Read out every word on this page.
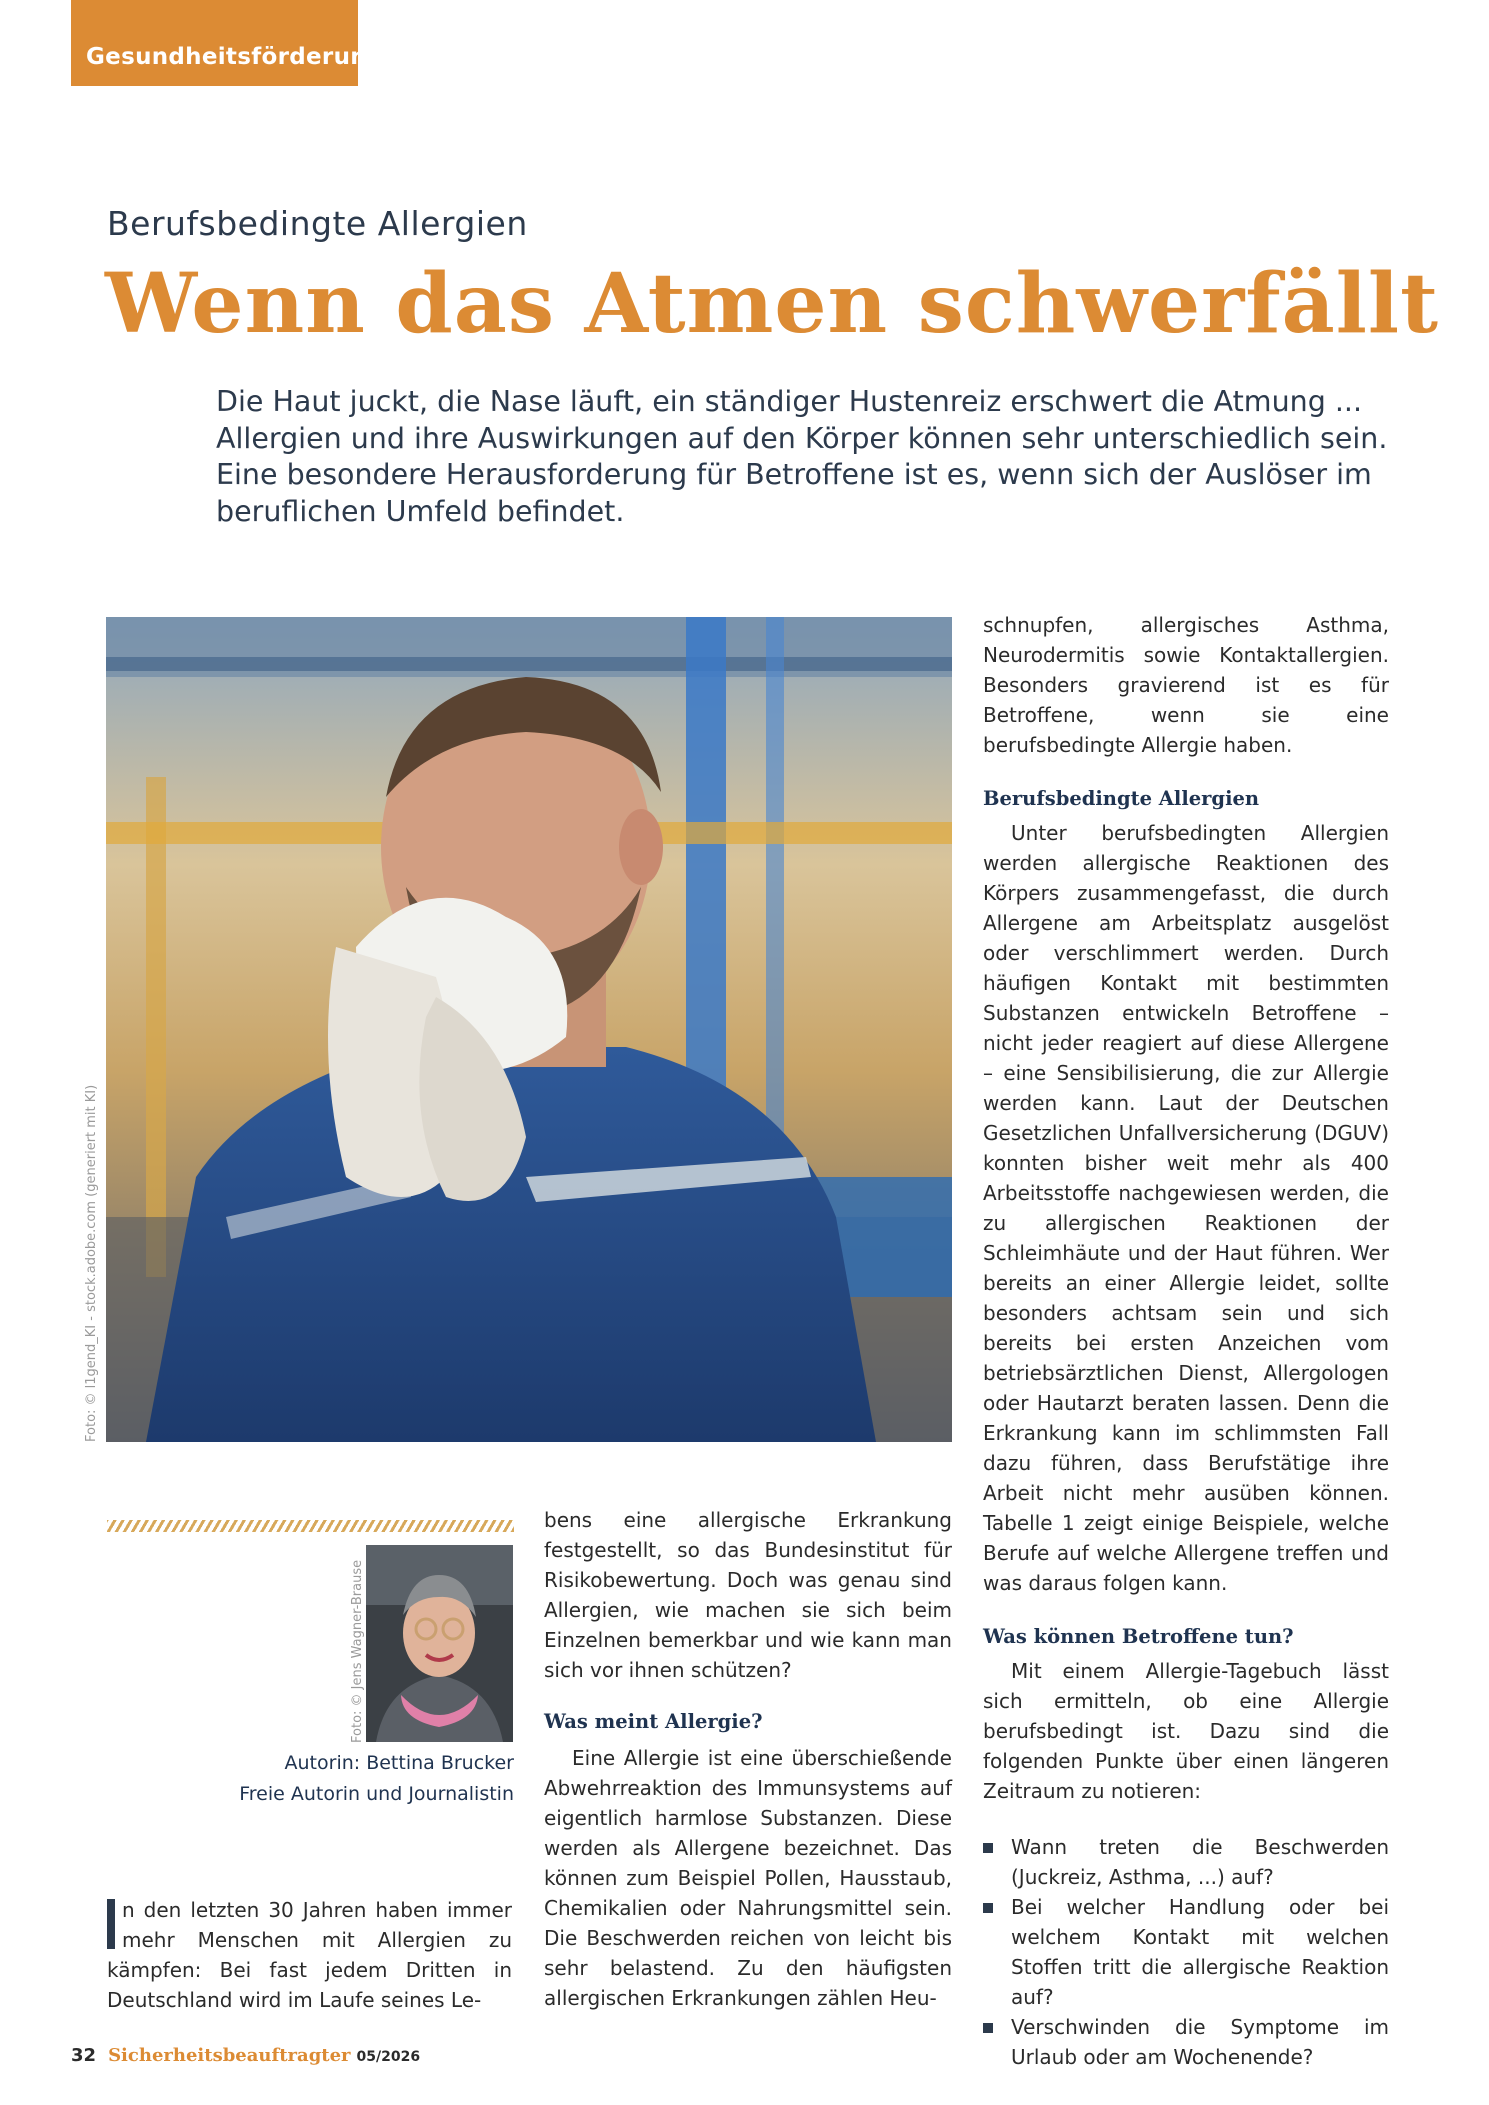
Gesundheitsförderung
Berufsbedingte Allergien
Wenn das Atmen schwerfällt

Die Haut juckt, die Nase läuft, ein ständiger Hustenreiz erschwert die Atmung ...

Allergien und ihre Auswirkungen auf den Körper können sehr unterschiedlich sein.

Eine besondere Herausforderung für Betroffene ist es, wenn sich der Auslöser im

beruflichen Umfeld befindet.

Foto: © l1gend_KI - stock.adobe.com (generiert mit KI)
Foto: © Jens Wagner-Brause
Autorin: Bettina Brucker
Freie Autorin und Journalistin

n den letzten 30 Jahren haben immer mehr Menschen mit Allergien zu kämpfen: Bei fast jedem Dritten in Deutschland wird im Laufe seines Le-

bens eine allergische Erkrankung festgestellt, so das Bundesinstitut für Risikobewertung. Doch was genau sind Allergien, wie machen sie sich beim Einzelnen bemerkbar und wie kann man sich vor ihnen schützen?

Was meint Allergie?

Eine Allergie ist eine überschießende Abwehrreaktion des Immunsystems auf eigentlich harmlose Substanzen. Diese werden als Allergene bezeichnet. Das können zum Beispiel Pollen, Hausstaub, Chemikalien oder Nahrungsmittel sein. Die Beschwerden reichen von leicht bis sehr belastend. Zu den häufigsten allergischen Erkrankungen zählen Heu-

schnupfen, allergisches Asthma, Neurodermitis sowie Kontaktallergien. Besonders gravierend ist es für Betroffene, wenn sie eine berufsbedingte Allergie haben.

Berufsbedingte Allergien

Unter berufsbedingten Allergien werden allergische Reaktionen des Körpers zusammengefasst, die durch Allergene am Arbeitsplatz ausgelöst oder verschlimmert werden. Durch häufigen Kontakt mit bestimmten Substanzen entwickeln Betroffene – nicht jeder reagiert auf diese Allergene – eine Sensibilisierung, die zur Allergie werden kann. Laut der Deutschen Gesetzlichen Unfallversicherung (DGUV) konnten bisher weit mehr als 400 Arbeitsstoffe nachgewiesen werden, die zu allergischen Reaktionen der Schleimhäute und der Haut führen. Wer bereits an einer Allergie leidet, sollte besonders achtsam sein und sich bereits bei ersten Anzeichen vom betriebsärztlichen Dienst, Allergologen oder Hautarzt beraten lassen. Denn die Erkrankung kann im schlimmsten Fall dazu führen, dass Berufstätige ihre Arbeit nicht mehr ausüben können. Tabelle 1 zeigt einige Beispiele, welche Berufe auf welche Allergene treffen und was daraus folgen kann.

Was können Betroffene tun?

Mit einem Allergie-Tagebuch lässt sich ermitteln, ob eine Allergie berufsbedingt ist. Dazu sind die folgenden Punkte über einen längeren Zeitraum zu notieren:

Wann treten die Beschwerden (Juckreiz, Asthma, ...) auf?
Bei welcher Handlung oder bei welchem Kontakt mit welchen Stoffen tritt die allergische Reaktion auf?
Verschwinden die Symptome im Urlaub oder am Wochenende?
32 Sicherheitsbeauftragter 05/2026
